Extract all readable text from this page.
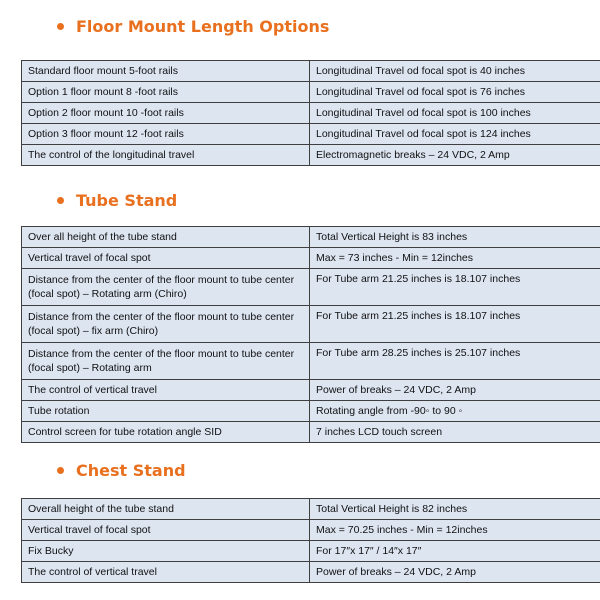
Floor Mount Length Options
Standard floor mount 5-foot rails	Longitudinal Travel od focal spot is 40 inches
Option 1 floor mount 8 -foot rails	Longitudinal Travel od focal spot is 76 inches
Option 2 floor mount 10 -foot rails	Longitudinal Travel od focal spot is 100 inches
Option 3 floor mount 12 -foot rails	Longitudinal Travel od focal spot is 124 inches
The control of the longitudinal travel	Electromagnetic breaks – 24 VDC, 2 Amp
Tube Stand
Over all height of the tube stand	Total Vertical Height is 83 inches
Vertical travel of focal spot	Max = 73 inches - Min = 12inches
Distance from the center of the floor mount to tube center (focal spot) – Rotating arm (Chiro)	For Tube arm 21.25 inches is 18.107 inches
Distance from the center of the floor mount to tube center (focal spot) – fix arm (Chiro)	For Tube arm 21.25 inches is 18.107 inches
Distance from the center of the floor mount to tube center (focal spot) – Rotating arm	For Tube arm 28.25 inches is 25.107 inches
The control of vertical travel	Power of breaks – 24 VDC, 2 Amp
Tube rotation	Rotating angle from -90◦ to 90 ◦
Control screen for tube rotation angle SID	7 inches LCD touch screen
Chest Stand
Overall height of the tube stand	Total Vertical Height is 82 inches
Vertical travel of focal spot	Max = 70.25 inches - Min = 12inches
Fix Bucky	For 17″x 17″ / 14″x 17″
The control of vertical travel	Power of breaks – 24 VDC, 2 Amp
